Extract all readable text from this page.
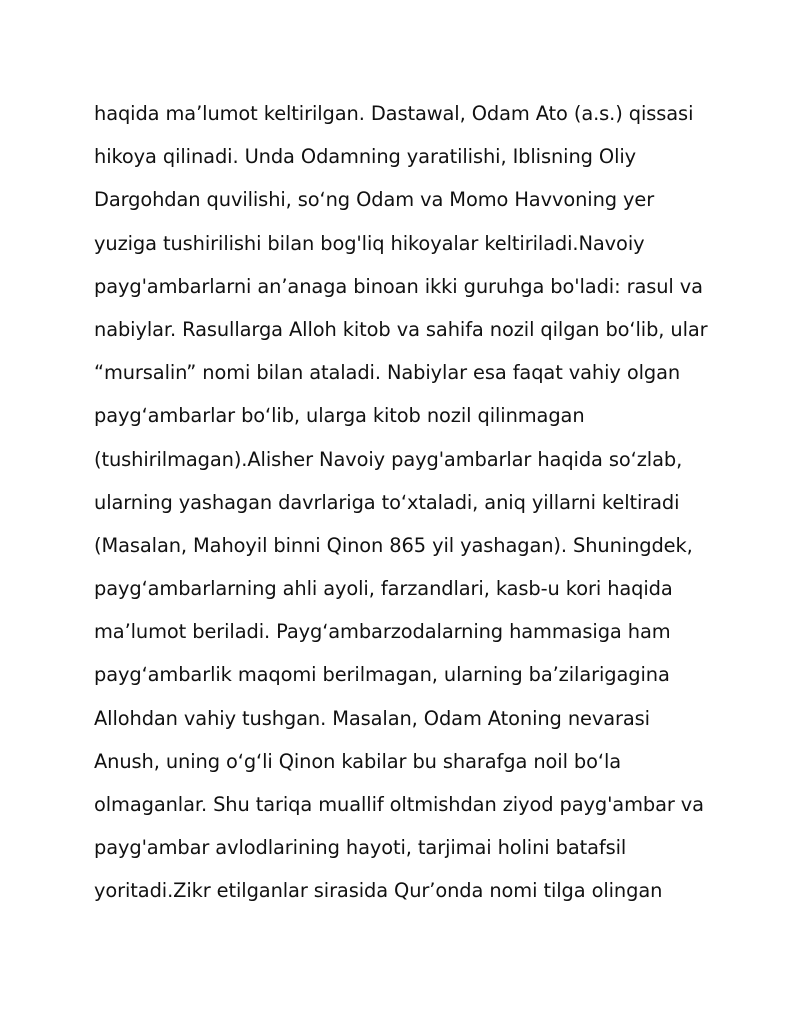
haqida ma’lumot keltirilgan. Dastawal, Odam Ato (a.s.) qissasi
hikoya qilinadi. Unda Odamning yaratilishi, Iblisning Oliy
Dargohdan quvilishi, soʻng Odam va Momo Havvoning yer
yuziga tushirilishi bilan bog'liq hikoyalar keltiriladi.Navoiy
payg'ambarlarni an’anaga binoan ikki guruhga bo'ladi: rasul va
nabiylar. Rasullarga Alloh kitob va sahifa nozil qilgan boʻlib, ular
“mursalin” nomi bilan ataladi. Nabiylar esa faqat vahiy olgan
paygʻambarlar boʻlib, ularga kitob nozil qilinmagan
(tushirilmagan).Alisher Navoiy payg'ambarlar haqida soʻzlab,
ularning yashagan davrlariga toʻxtaladi, aniq yillarni keltiradi
(Masalan, Mahoyil binni Qinon 865 yil yashagan). Shuningdek,
paygʻambarlarning ahli ayoli, farzandlari, kasb-u kori haqida
ma’lumot beriladi. Paygʻambarzodalarning hammasiga ham
paygʻambarlik maqomi berilmagan, ularning ba’zilarigagina
Allohdan vahiy tushgan. Masalan, Odam Atoning nevarasi
Anush, uning oʻgʻli Qinon kabilar bu sharafga noil boʻla
olmaganlar. Shu tariqa muallif oltmishdan ziyod payg'ambar va
payg'ambar avlodlarining hayoti, tarjimai holini batafsil
yoritadi.Zikr etilganlar sirasida Qur’onda nomi tilga olingan
